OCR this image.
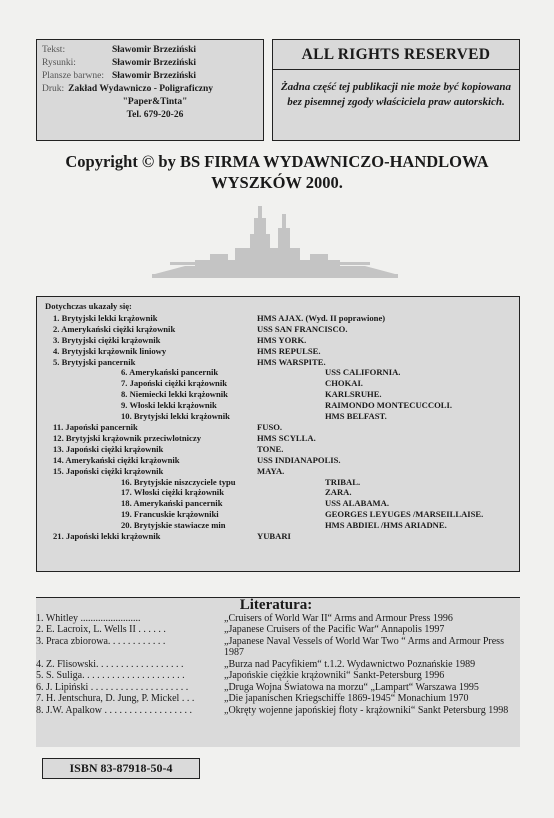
Tekst:	Sławomir Brzeziński
Rysunki:	Sławomir Brzeziński
Plansze barwne: Sławomir Brzeziński
Druk: Zakład Wydawniczo - Poligraficzny
"Paper&Tinta"
Tel. 679-20-26
ALL RIGHTS RESERVED

Żadna część tej publikacji nie może być kopiowana bez pisemnej zgody właściciela praw autorskich.

Copyright © by BS FIRMA WYDAWNICZO-HANDLOWA
WYSZKÓW 2000.
Dotychczas ukazały się:
1. Brytyjski lekki krążownik	HMS AJAX. (Wyd. II poprawione)
2. Amerykański ciężki krążownik	USS SAN FRANCISCO.
3. Brytyjski ciężki krążownik	HMS YORK.
4. Brytyjski krążownik liniowy	HMS REPULSE.
5. Brytyjski pancernik	HMS WARSPITE.
6. Amerykański pancernik	USS CALIFORNIA.
7. Japoński ciężki krążownik	CHOKAI.
8. Niemiecki lekki krążownik	KARLSRUHE.
9. Włoski lekki krążownik	RAIMONDO MONTECUCCOLI.
10. Brytyjski lekki krążownik	HMS BELFAST.
11. Japoński pancernik	FUSO.
12. Brytyjski krążownik przeciwlotniczy	HMS SCYLLA.
13. Japoński ciężki krążownik	TONE.
14. Amerykański ciężki krążownik	USS INDIANAPOLIS.
15. Japoński ciężki krążownik	MAYA.
16. Brytyjskie niszczyciele typu	TRIBAL.
17. Włoski ciężki krążownik	ZARA.
18. Amerykański pancernik	USS ALABAMA.
19. Francuskie krążowniki	GEORGES LEYUGES /MARSEILLAISE.
20. Brytyjskie stawiacze min	HMS ABDIEL /HMS ARIADNE.
21. Japoński lekki krążownik	YUBARI
Literatura:
1. Whitley ........................	„Cruisers of World War II“ Arms and Armour Press 1996
2. E. Lacroix, L. Wells II . . . . . .	„Japanese Cruisers of the Pacific War“ Annapolis 1997
3. Praca zbiorowa. . . . . . . . . . . .	„Japanese Naval Vessels of World War Two “ Arms and Armour Press 1987
4. Z. Flisowski. . . . . . . . . . . . . . . . . .	„Burza nad Pacyfikiem“ t.1.2. Wydawnictwo Poznańskie 1989
5. S. Suliga. . . . . . . . . . . . . . . . . . . . .	„Japońskie ciężkie krążowniki“ Sankt-Petersburg 1996
6. J. Lipiński . . . . . . . . . . . . . . . . . . . .	„Druga Wojna Światowa na morzu“ „Lampart“ Warszawa 1995
7. H. Jentschura, D. Jung, P. Mickel . . .	„Die japanischen Kriegschiffe 1869-1945“ Monachium 1970
8. J.W. Apalkow . . . . . . . . . . . . . . . . . .	„Okręty wojenne japońskiej floty - krążowniki“ Sankt Petersburg 1998
ISBN 83-87918-50-4
